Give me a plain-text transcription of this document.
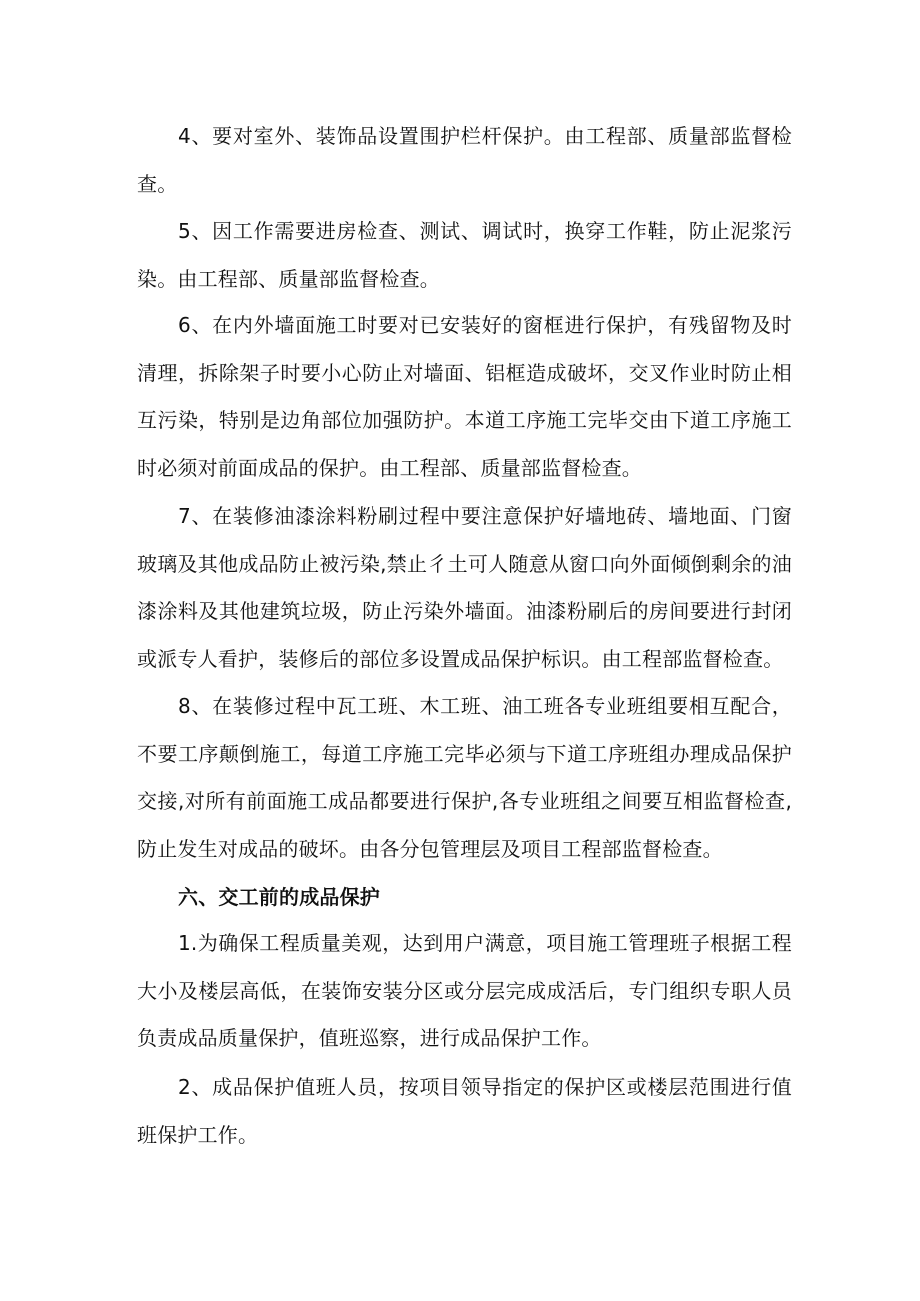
4、要对室外、装饰品设置围护栏杆保护。由工程部、质量部监督检查。

5、因工作需要进房检查、测试、调试时，换穿工作鞋，防止泥浆污染。由工程部、质量部监督检查。

6、在内外墙面施工时要对已安装好的窗框进行保护，有残留物及时清理，拆除架子时要小心防止对墙面、铝框造成破坏，交叉作业时防止相互污染，特别是边角部位加强防护。本道工序施工完毕交由下道工序施工时必须对前面成品的保护。由工程部、质量部监督检查。

7、在装修油漆涂料粉刷过程中要注意保护好墙地砖、墙地面、门窗玻璃及其他成品防止被污染,禁止彳土可人随意从窗口向外面倾倒剩余的油漆涂料及其他建筑垃圾，防止污染外墙面。油漆粉刷后的房间要进行封闭或派专人看护，装修后的部位多设置成品保护标识。由工程部监督检查。

8、在装修过程中瓦工班、木工班、油工班各专业班组要相互配合，不要工序颠倒施工，每道工序施工完毕必须与下道工序班组办理成品保护交接,对所有前面施工成品都要进行保护,各专业班组之间要互相监督检查,防止发生对成品的破坏。由各分包管理层及项目工程部监督检查。

六、交工前的成品保护

1.为确保工程质量美观，达到用户满意，项目施工管理班子根据工程大小及楼层高低，在装饰安装分区或分层完成成活后，专门组织专职人员负责成品质量保护，值班巡察，进行成品保护工作。

2、成品保护值班人员，按项目领导指定的保护区或楼层范围进行值班保护工作。
